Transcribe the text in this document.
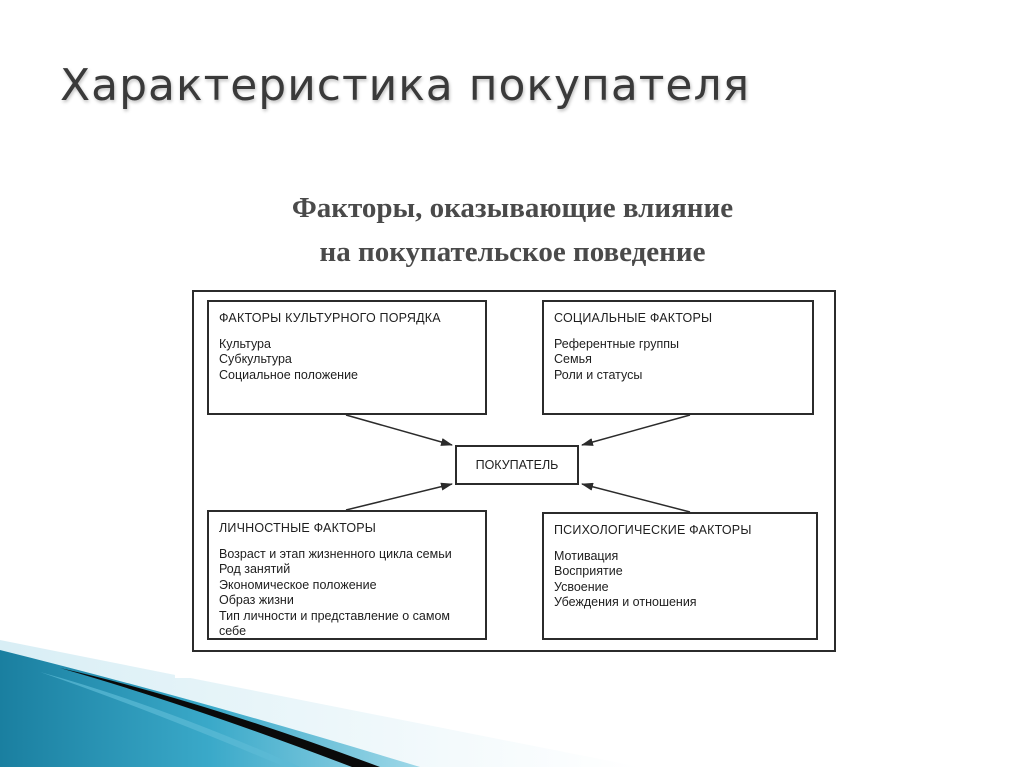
Характеристика покупателя
Факторы, оказывающие влияние
на покупательское поведение
ФАКТОРЫ КУЛЬТУРНОГО ПОРЯДКА
Культура
Субкультура
Социальное положение
СОЦИАЛЬНЫЕ ФАКТОРЫ
Референтные группы
Семья
Роли и статусы
ПОКУПАТЕЛЬ
ЛИЧНОСТНЫЕ ФАКТОРЫ
Возраст и этап жизненного цикла семьи
Род занятий
Экономическое положение
Образ жизни
Тип личности и представление о самом себе
ПСИХОЛОГИЧЕСКИЕ ФАКТОРЫ
Мотивация
Восприятие
Усвоение
Убеждения и отношения
